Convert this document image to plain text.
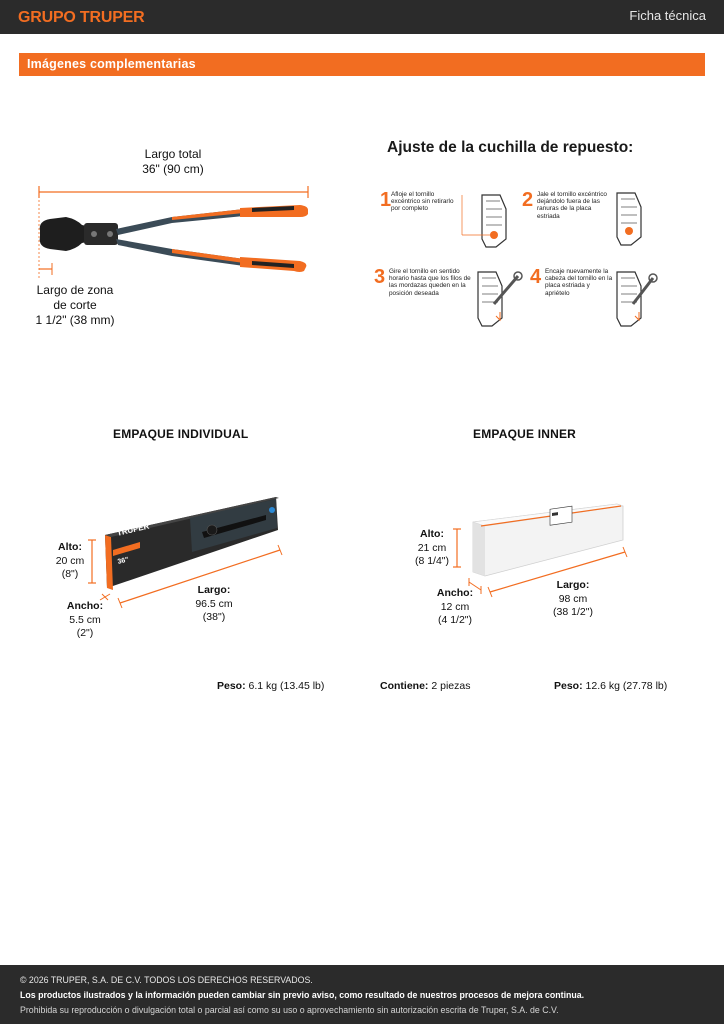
GRUPO TRUPER	Ficha técnica
Imágenes complementarias
Largo total
36" (90 cm)
Largo de zona
de corte
1 1/2" (38 mm)
Ajuste de la cuchilla de repuesto:
1 Afloje el tornillo excéntrico sin retirarlo por completo	2 Jale el tornillo excéntrico dejándolo fuera de las ranuras de la placa estriada
3 Gire el tornillo en sentido horario hasta que los filos de las mordazas queden en la posición deseada
4 Encaje nuevamente la cabeza del tornillo en la placa estriada y apriételo
EMPAQUE INDIVIDUAL	EMPAQUE INNER
TRUPER
36"
Alto:
20 cm
(8")
Ancho:
5.5 cm
(2")
Largo:
96.5 cm
(38")
Alto:
21 cm
(8 1/4")
Ancho:
12 cm
(4 1/2")
Largo:
98 cm
(38 1/2")
Peso: 6.1 kg (13.45 lb)	Contiene: 2 piezas	Peso: 12.6 kg (27.78 lb)
© 2026 TRUPER, S.A. DE C.V. TODOS LOS DERECHOS RESERVADOS.
Los productos ilustrados y la información pueden cambiar sin previo aviso, como resultado de nuestros procesos de mejora continua.
Prohibida su reproducción o divulgación total o parcial así como su uso o aprovechamiento sin autorización escrita de Truper, S.A. de C.V.
